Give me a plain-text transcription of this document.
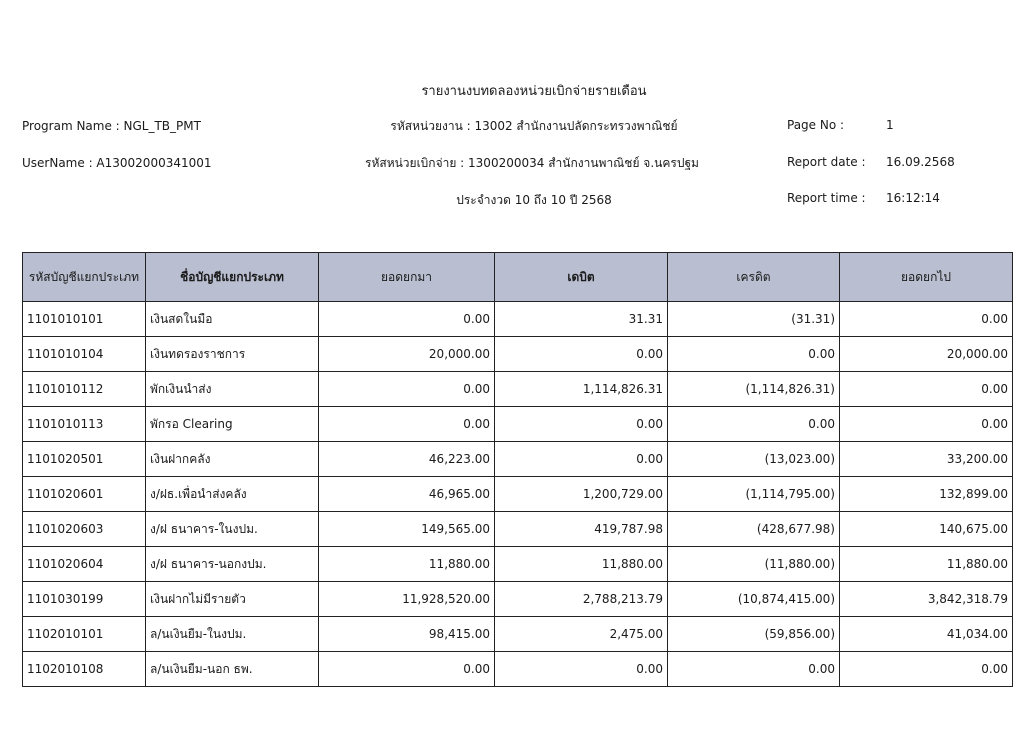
รายงานงบทดลองหน่วยเบิกจ่ายรายเดือน
Program Name : NGL_TB_PMT	รหัสหน่วยงาน : 13002 สำนักงานปลัดกระทรวงพาณิชย์	Page No :	1
UserName : A13002000341001	รหัสหน่วยเบิกจ่าย : 1300200034 สำนักงานพาณิชย์ จ.นครปฐม	Report date : 16.09.2568
ประจำงวด 10 ถึง 10 ปี 2568	Report time : 16:12:14
รหัสบัญชีแยกประเภท	ชื่อบัญชีแยกประเภท	ยอดยกมา	เดบิต	เครดิต	ยอดยกไป
1101010101	เงินสดในมือ	0.00	31.31	(31.31)	0.00
1101010104	เงินทดรองราชการ	20,000.00	0.00	0.00	20,000.00
1101010112	พักเงินนำส่ง	0.00	1,114,826.31	(1,114,826.31)	0.00
1101010113	พักรอ Clearing	0.00	0.00	0.00	0.00
1101020501	เงินฝากคลัง	46,223.00	0.00	(13,023.00)	33,200.00
1101020601	ง/ฝธ.เพื่อนำส่งคลัง	46,965.00	1,200,729.00	(1,114,795.00)	132,899.00
1101020603	ง/ฝ ธนาคาร-ในงปม.	149,565.00	419,787.98	(428,677.98)	140,675.00
1101020604	ง/ฝ ธนาคาร-นอกงปม.	11,880.00	11,880.00	(11,880.00)	11,880.00
1101030199	เงินฝากไม่มีรายตัว	11,928,520.00	2,788,213.79	(10,874,415.00)	3,842,318.79
1102010101	ล/นเงินยืม-ในงปม.	98,415.00	2,475.00	(59,856.00)	41,034.00
1102010108	ล/นเงินยืม-นอก ธพ.	0.00	0.00	0.00	0.00
